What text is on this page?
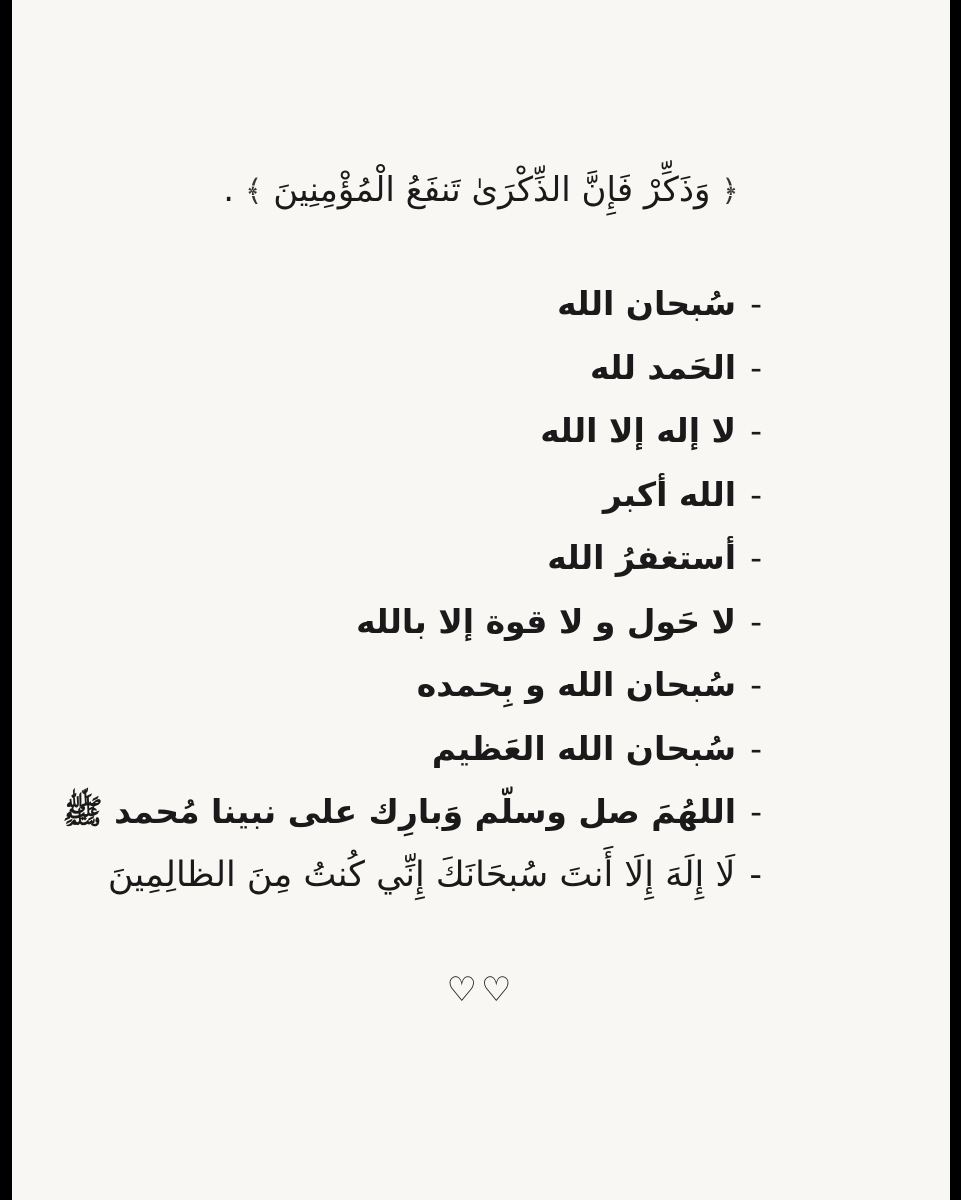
﴿ وَذَكِّرْ فَإِنَّ الذِّكْرَىٰ تَنفَعُ الْمُؤْمِنِينَ ﴾ .
-سُبحان الله
-الحَمد لله
-لا إله إلا الله
-الله أكبر
-أستغفرُ الله
-لا حَول و لا قوة إلا بالله
-سُبحان الله و بِحمده
-سُبحان الله العَظيم
-اللهُمَ صل وسلّم وَبارِك على نبينا مُحمد ﷺ
-لَا إِلَهَ إِلَا أَنتَ سُبحَانَكَ إِنِّي كُنتُ مِنَ الظالِمِينَ
♡♡
